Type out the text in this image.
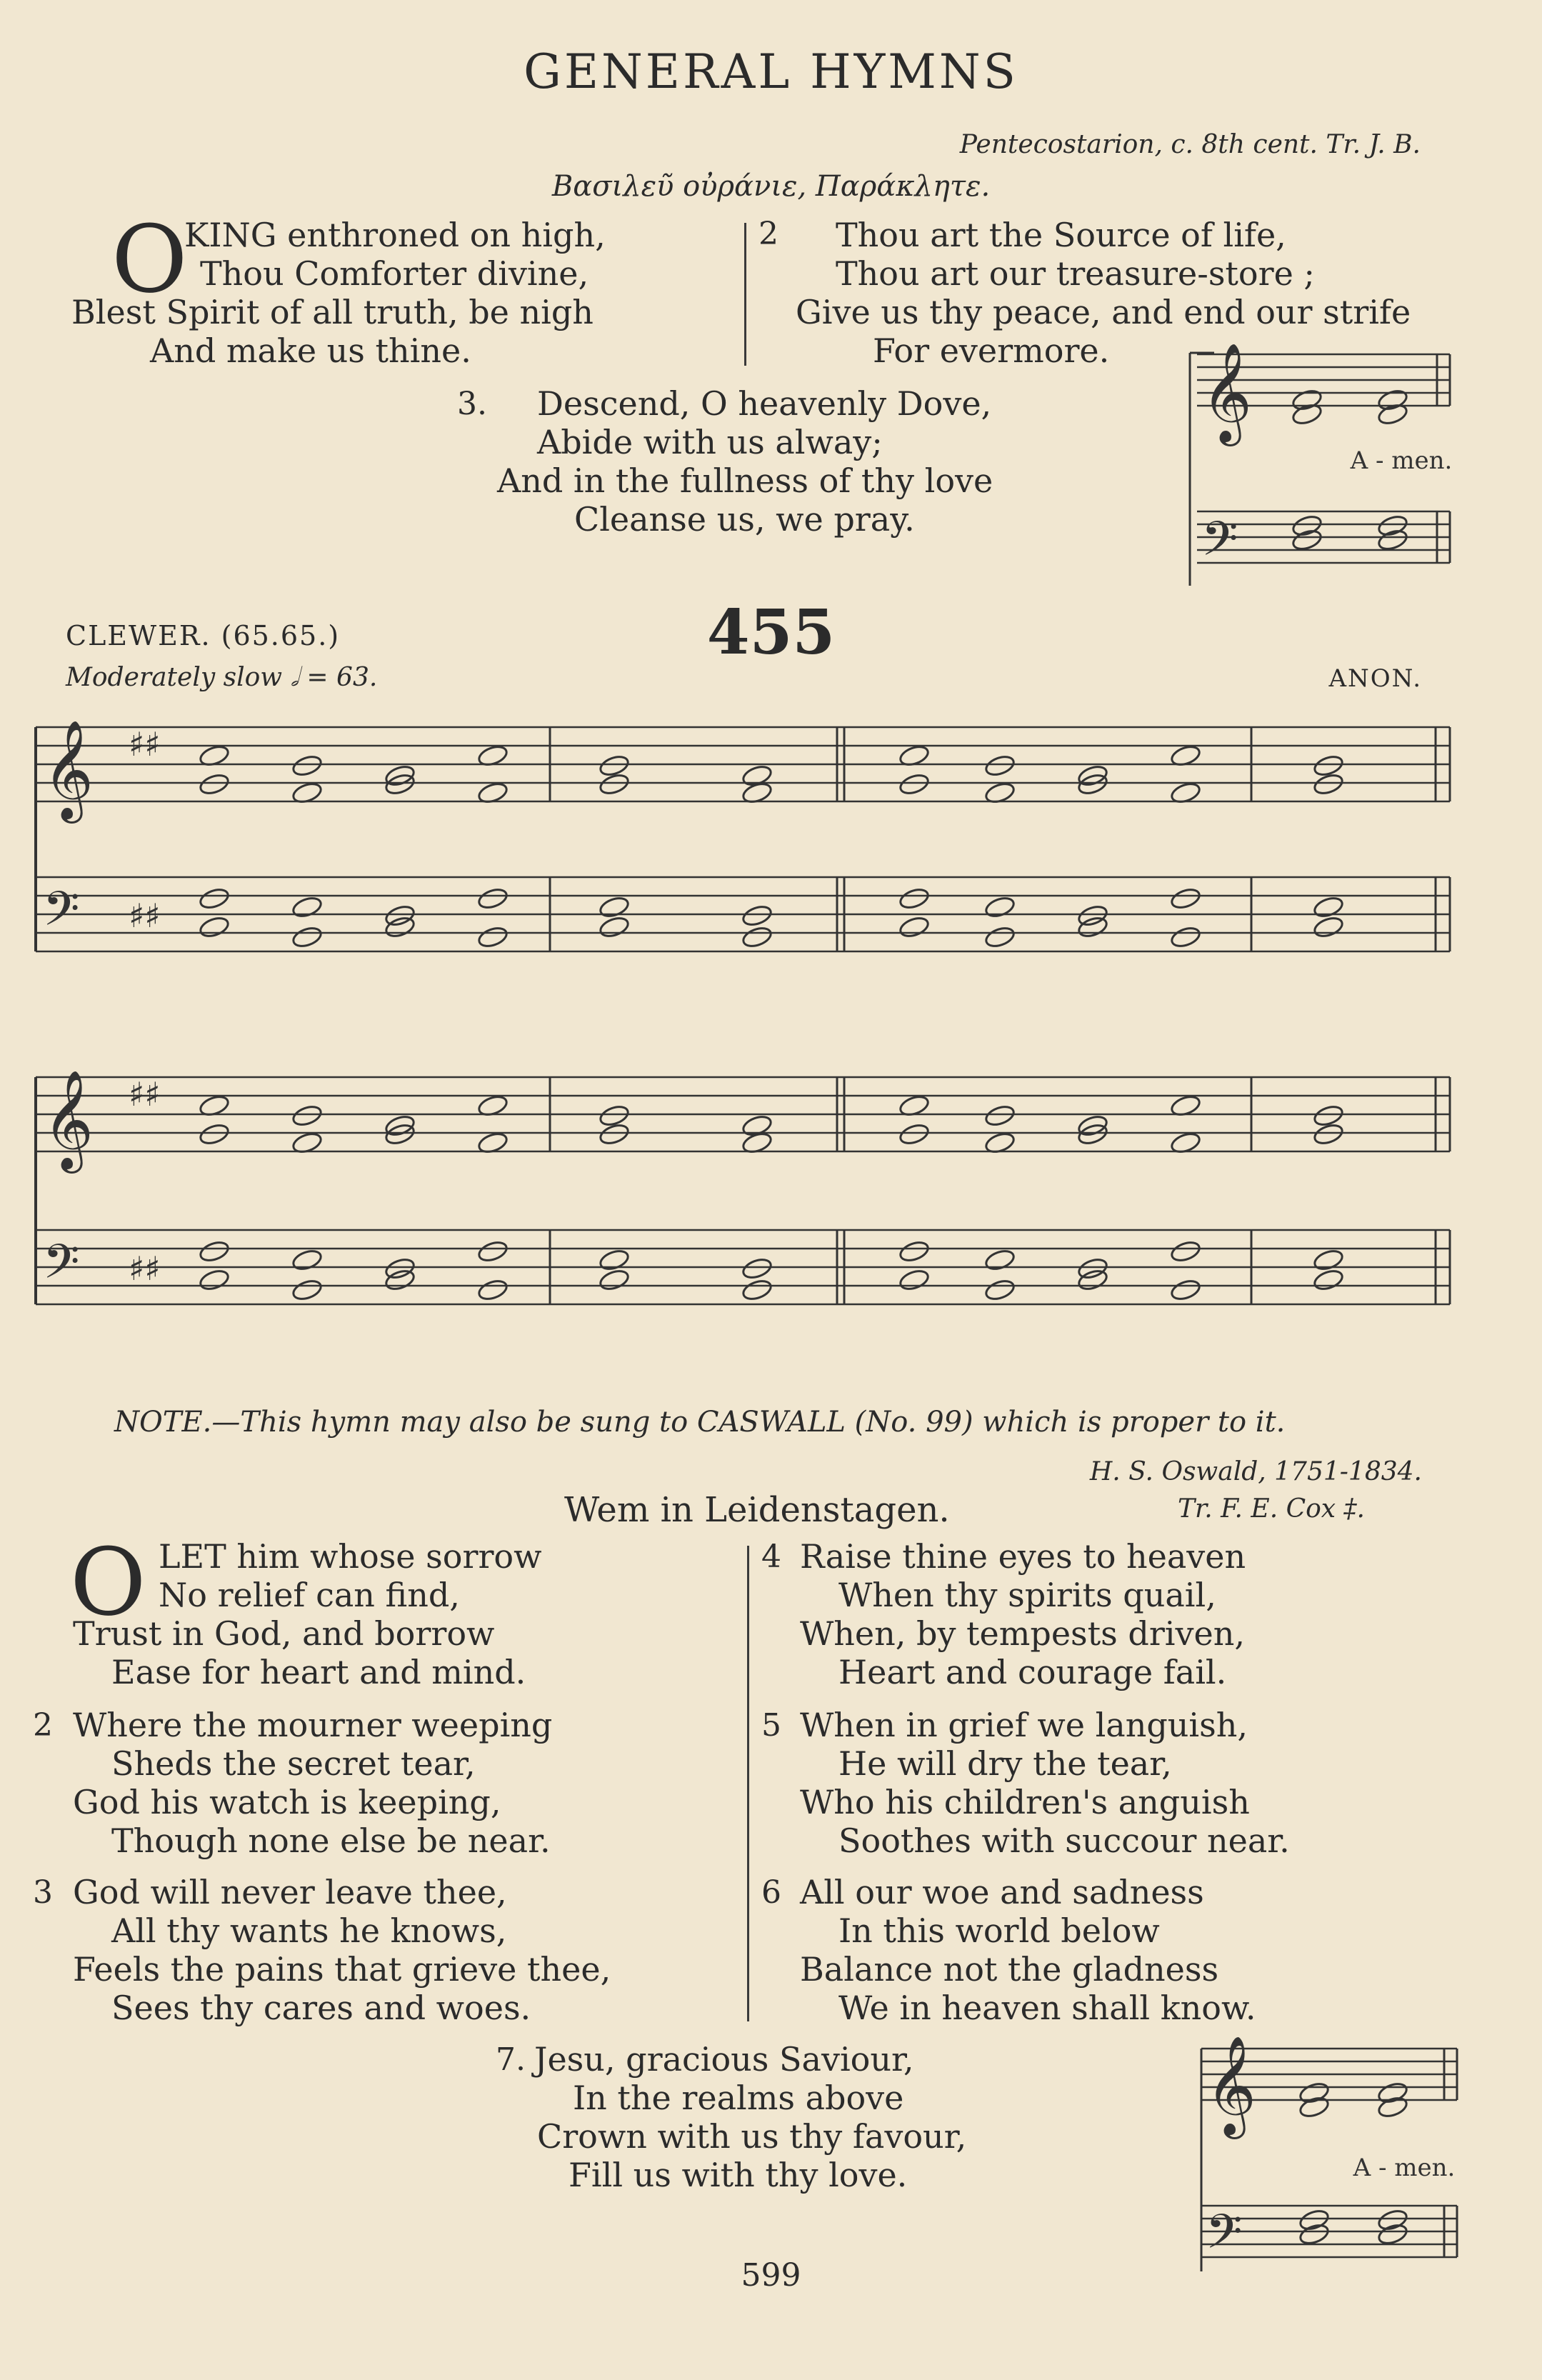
GENERAL HYMNS
Pentecostarion, c. 8th cent. Tr. J. B.
Βασιλεῦ οὐράνιε, Παράκλητε.
O
KING enthroned on high,
Thou Comforter divine,
Blest Spirit of all truth, be nigh
And make us thine.
2	Thou art the Source of life,
Thou art our treasure-store ;
Give us thy peace, and end our strife
For evermore.
3.	Descend, O heavenly Dove,
Abide with us alway;
And in the fullness of thy love
Cleanse us, we pray.
CLEWER. (65.65.)	455
Moderately slow 𝅗𝅥 = 63.	ANON.
𝄞 ♯♯
𝄢 ♯♯
𝄞 ♯♯
𝄢 ♯♯
𝄞
𝄢
𝄞
𝄢
A - men.
A - men.
NOTE.—This hymn may also be sung to CASWALL (No. 99) which is proper to it.
H. S. Oswald, 1751-1834.
Wem in Leidenstagen.	Tr. F. E. Cox ‡.
O LET him whose sorrow
No relief can find,
Trust in God, and borrow
Ease for heart and mind.
2 Where the mourner weeping
Sheds the secret tear,
God his watch is keeping,
Though none else be near.
3 God will never leave thee,
All thy wants he knows,
Feels the pains that grieve thee,
Sees thy cares and woes.
4 Raise thine eyes to heaven
When thy spirits quail,
When, by tempests driven,
Heart and courage fail.
5 When in grief we languish,
He will dry the tear,
Who his children's anguish
Soothes with succour near.
6 All our woe and sadness
In this world below
Balance not the gladness
We in heaven shall know.
7. Jesu, gracious Saviour,
In the realms above
Crown with us thy favour,
Fill us with thy love.
599
